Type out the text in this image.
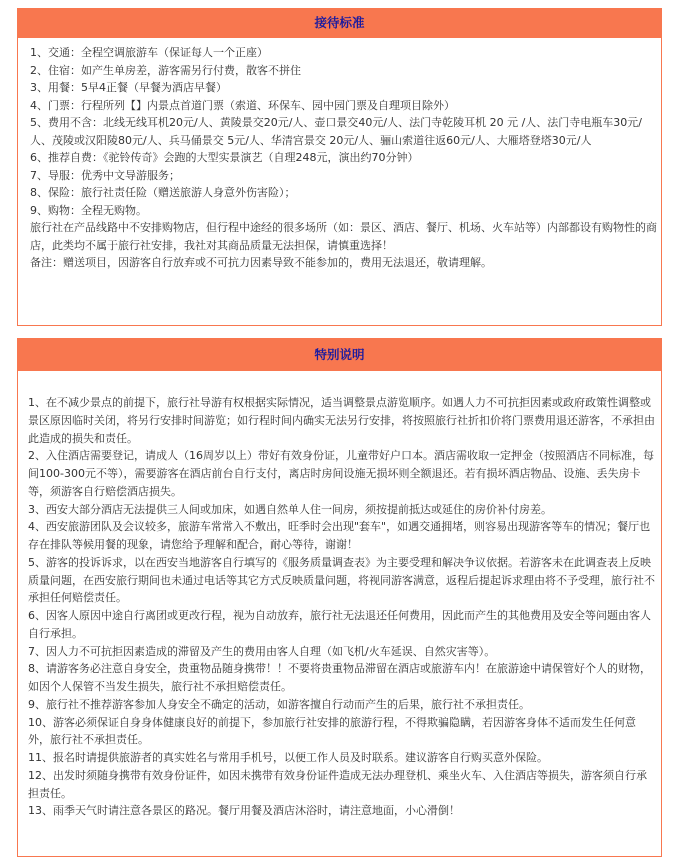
接待标准

1、交通：全程空调旅游车（保证每人一个正座）

2、住宿：如产生单房差，游客需另行付费，散客不拼住

3、用餐：5早4正餐（早餐为酒店早餐）

4、门票：行程所列【】内景点首道门票（索道、环保车、园中园门票及自理项目除外）

5、费用不含：北线无线耳机20元/人、黄陵景交20元/人、壶口景交40元/人、法门寺乾陵耳机 20 元 /人、法门寺电瓶车30元/人、茂陵或汉阳陵80元/人、兵马俑景交 5元/人、华清宫景交 20元/人、骊山索道往返60元/人、大雁塔登塔30元/人

6、推荐自费：《驼铃传奇》会跑的大型实景演艺（自理248元，演出约70分钟）

7、导服：优秀中文导游服务；

8、保险：旅行社责任险（赠送旅游人身意外伤害险）；

9、购物：全程无购物。

旅行社在产品线路中不安排购物店，但行程中途经的很多场所（如：景区、酒店、餐厅、机场、火车站等）内部都设有购物性的商店，此类均不属于旅行社安排，我社对其商品质量无法担保，请慎重选择！

备注：赠送项目，因游客自行放弃或不可抗力因素导致不能参加的，费用无法退还，敬请理解。

特别说明

1、在不减少景点的前提下，旅行社导游有权根据实际情况，适当调整景点游览顺序。如遇人力不可抗拒因素或政府政策性调整或景区原因临时关闭，将另行安排时间游览；如行程时间内确实无法另行安排，将按照旅行社折扣价将门票费用退还游客，不承担由此造成的损失和责任。

2、入住酒店需要登记，请成人（16周岁以上）带好有效身份证，儿童带好户口本。酒店需收取一定押金（按照酒店不同标准，每间100-300元不等），需要游客在酒店前台自行支付，离店时房间设施无损坏则全额退还。若有损坏酒店物品、设施、丢失房卡等，须游客自行赔偿酒店损失。

3、西安大部分酒店无法提供三人间或加床，如遇自然单人住一间房，须按提前抵达或延住的房价补付房差。

4、西安旅游团队及会议较多，旅游车常常入不敷出，旺季时会出现"套车"，如遇交通拥堵，则容易出现游客等车的情况；餐厅也存在排队等候用餐的现象，请您给予理解和配合，耐心等待，谢谢！

5、游客的投诉诉求，以在西安当地游客自行填写的《服务质量调查表》为主要受理和解决争议依据。若游客未在此调查表上反映质量问题，在西安旅行期间也未通过电话等其它方式反映质量问题，将视同游客满意，返程后提起诉求理由将不予受理，旅行社不承担任何赔偿责任。

6、因客人原因中途自行离团或更改行程，视为自动放弃，旅行社无法退还任何费用，因此而产生的其他费用及安全等问题由客人自行承担。

7、因人力不可抗拒因素造成的滞留及产生的费用由客人自理（如飞机/火车延误、自然灾害等）。

8、请游客务必注意自身安全，贵重物品随身携带！！不要将贵重物品滞留在酒店或旅游车内！在旅游途中请保管好个人的财物，如因个人保管不当发生损失，旅行社不承担赔偿责任。

9、旅行社不推荐游客参加人身安全不确定的活动，如游客擅自行动而产生的后果，旅行社不承担责任。

10、游客必须保证自身身体健康良好的前提下，参加旅行社安排的旅游行程，不得欺骗隐瞒，若因游客身体不适而发生任何意外，旅行社不承担责任。

11、报名时请提供旅游者的真实姓名与常用手机号，以便工作人员及时联系。建议游客自行购买意外保险。

12、出发时须随身携带有效身份证件，如因未携带有效身份证件造成无法办理登机、乘坐火车、入住酒店等损失，游客须自行承担责任。

13、雨季天气时请注意各景区的路况。餐厅用餐及酒店沐浴时，请注意地面，小心滑倒！
